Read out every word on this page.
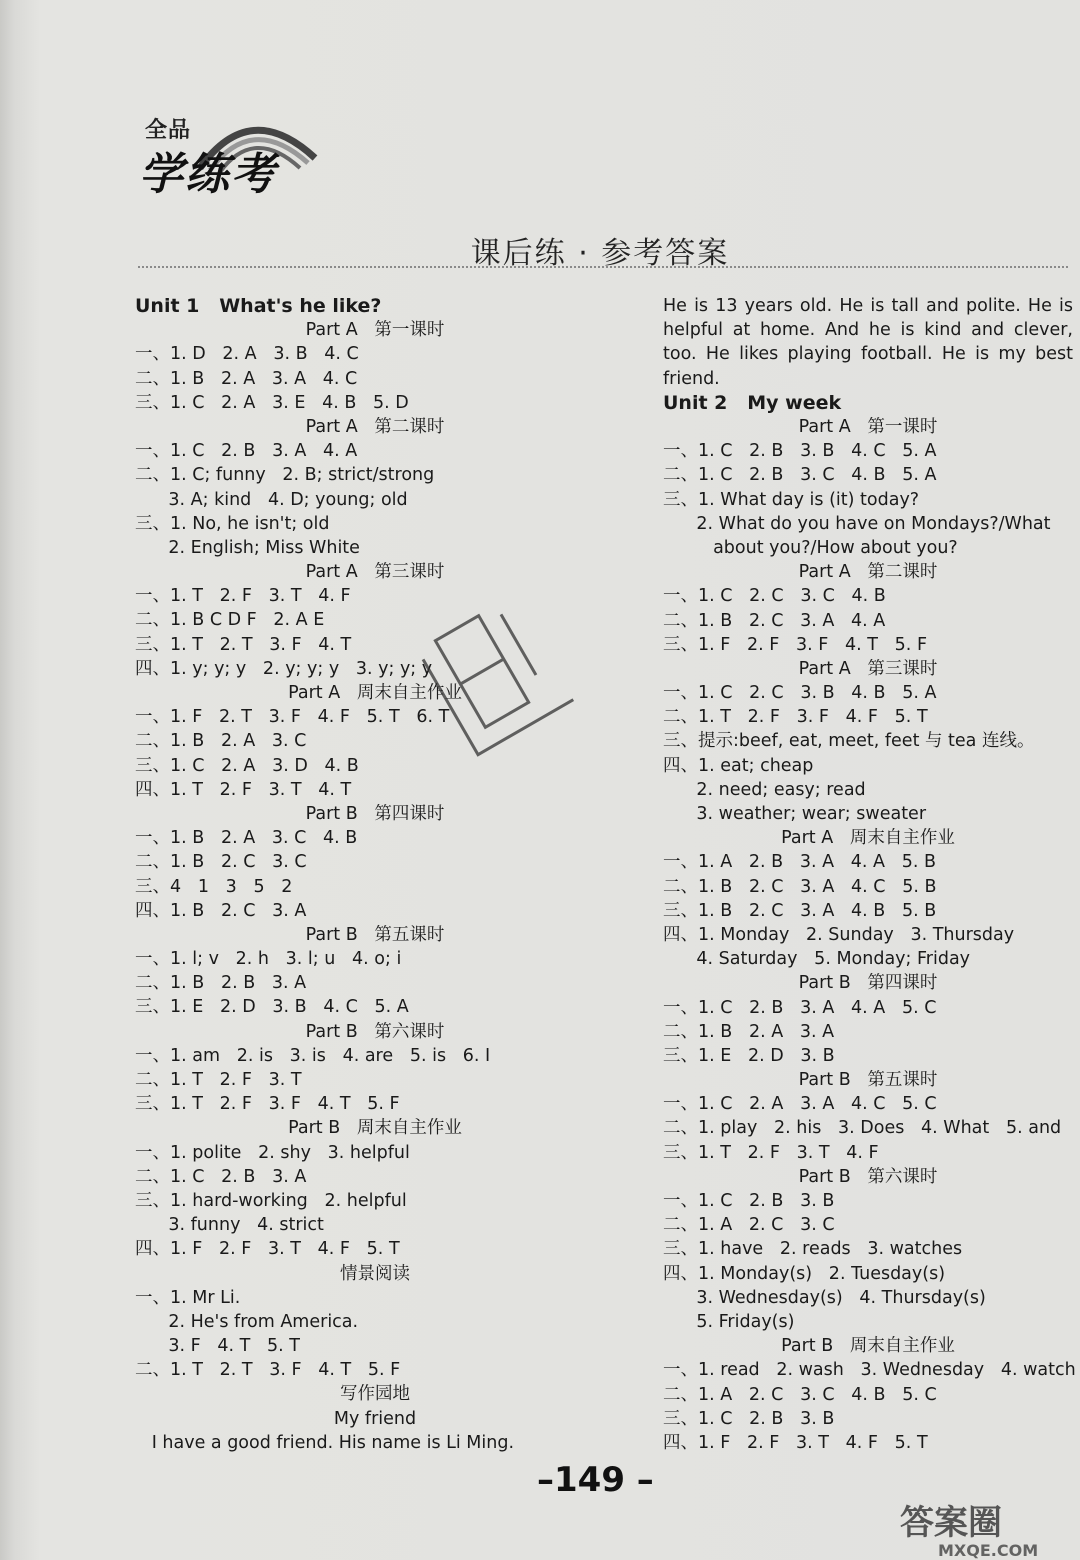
全品
学练考
课后练 · 参考答案
Unit 1   What's he like?
Part A   第一课时
一、1. D   2. A   3. B   4. C
二、1. B   2. A   3. A   4. C
三、1. C   2. A   3. E   4. B   5. D
Part A   第二课时
一、1. C   2. B   3. A   4. A
二、1. C; funny   2. B; strict/strong
3. A; kind   4. D; young; old
三、1. No, he isn't; old
2. English; Miss White
Part A   第三课时
一、1. T   2. F   3. T   4. F
二、1. B C D F   2. A E
三、1. T   2. T   3. F   4. T
四、1. y; y; y   2. y; y; y   3. y; y; y
Part A   周末自主作业
一、1. F   2. T   3. F   4. F   5. T   6. T
二、1. B   2. A   3. C
三、1. C   2. A   3. D   4. B
四、1. T   2. F   3. T   4. T
Part B   第四课时
一、1. B   2. A   3. C   4. B
二、1. B   2. C   3. C
三、4   1   3   5   2
四、1. B   2. C   3. A
Part B   第五课时
一、1. l; v   2. h   3. l; u   4. o; i
二、1. B   2. B   3. A
三、1. E   2. D   3. B   4. C   5. A
Part B   第六课时
一、1. am   2. is   3. is   4. are   5. is   6. I
二、1. T   2. F   3. T
三、1. T   2. F   3. F   4. T   5. F
Part B   周末自主作业
一、1. polite   2. shy   3. helpful
二、1. C   2. B   3. A
三、1. hard-working   2. helpful
3. funny   4. strict
四、1. F   2. F   3. T   4. F   5. T
情景阅读
一、1. Mr Li.
2. He's from America.
3. F   4. T   5. T
二、1. T   2. T   3. F   4. T   5. F
写作园地
My friend
I have a good friend. His name is Li Ming.
He is 13 years old. He is tall and polite. He is helpful at home. And he is kind and clever, too. He likes playing football. He is my best friend.
Unit 2   My week
Part A   第一课时
一、1. C   2. B   3. B   4. C   5. A
二、1. C   2. B   3. C   4. B   5. A
三、1. What day is (it) today?
2. What do you have on Mondays?/What
about you?/How about you?
Part A   第二课时
一、1. C   2. C   3. C   4. B
二、1. B   2. C   3. A   4. A
三、1. F   2. F   3. F   4. T   5. F
Part A   第三课时
一、1. C   2. C   3. B   4. B   5. A
二、1. T   2. F   3. F   4. F   5. T
三、提示:beef, eat, meet, feet 与 tea 连线。
四、1. eat; cheap
2. need; easy; read
3. weather; wear; sweater
Part A   周末自主作业
一、1. A   2. B   3. A   4. A   5. B
二、1. B   2. C   3. A   4. C   5. B
三、1. B   2. C   3. A   4. B   5. B
四、1. Monday   2. Sunday   3. Thursday
4. Saturday   5. Monday; Friday
Part B   第四课时
一、1. C   2. B   3. A   4. A   5. C
二、1. B   2. A   3. A
三、1. E   2. D   3. B
Part B   第五课时
一、1. C   2. A   3. A   4. C   5. C
二、1. play   2. his   3. Does   4. What   5. and
三、1. T   2. F   3. T   4. F
Part B   第六课时
一、1. C   2. B   3. B
二、1. A   2. C   3. C
三、1. have   2. reads   3. watches
四、1. Monday(s)   2. Tuesday(s)
3. Wednesday(s)   4. Thursday(s)
5. Friday(s)
Part B   周末自主作业
一、1. read   2. wash   3. Wednesday   4. watch
二、1. A   2. C   3. C   4. B   5. C
三、1. C   2. B   3. B
四、1. F   2. F   3. T   4. F   5. T
–149 –
答案圈
MXQE.COM
